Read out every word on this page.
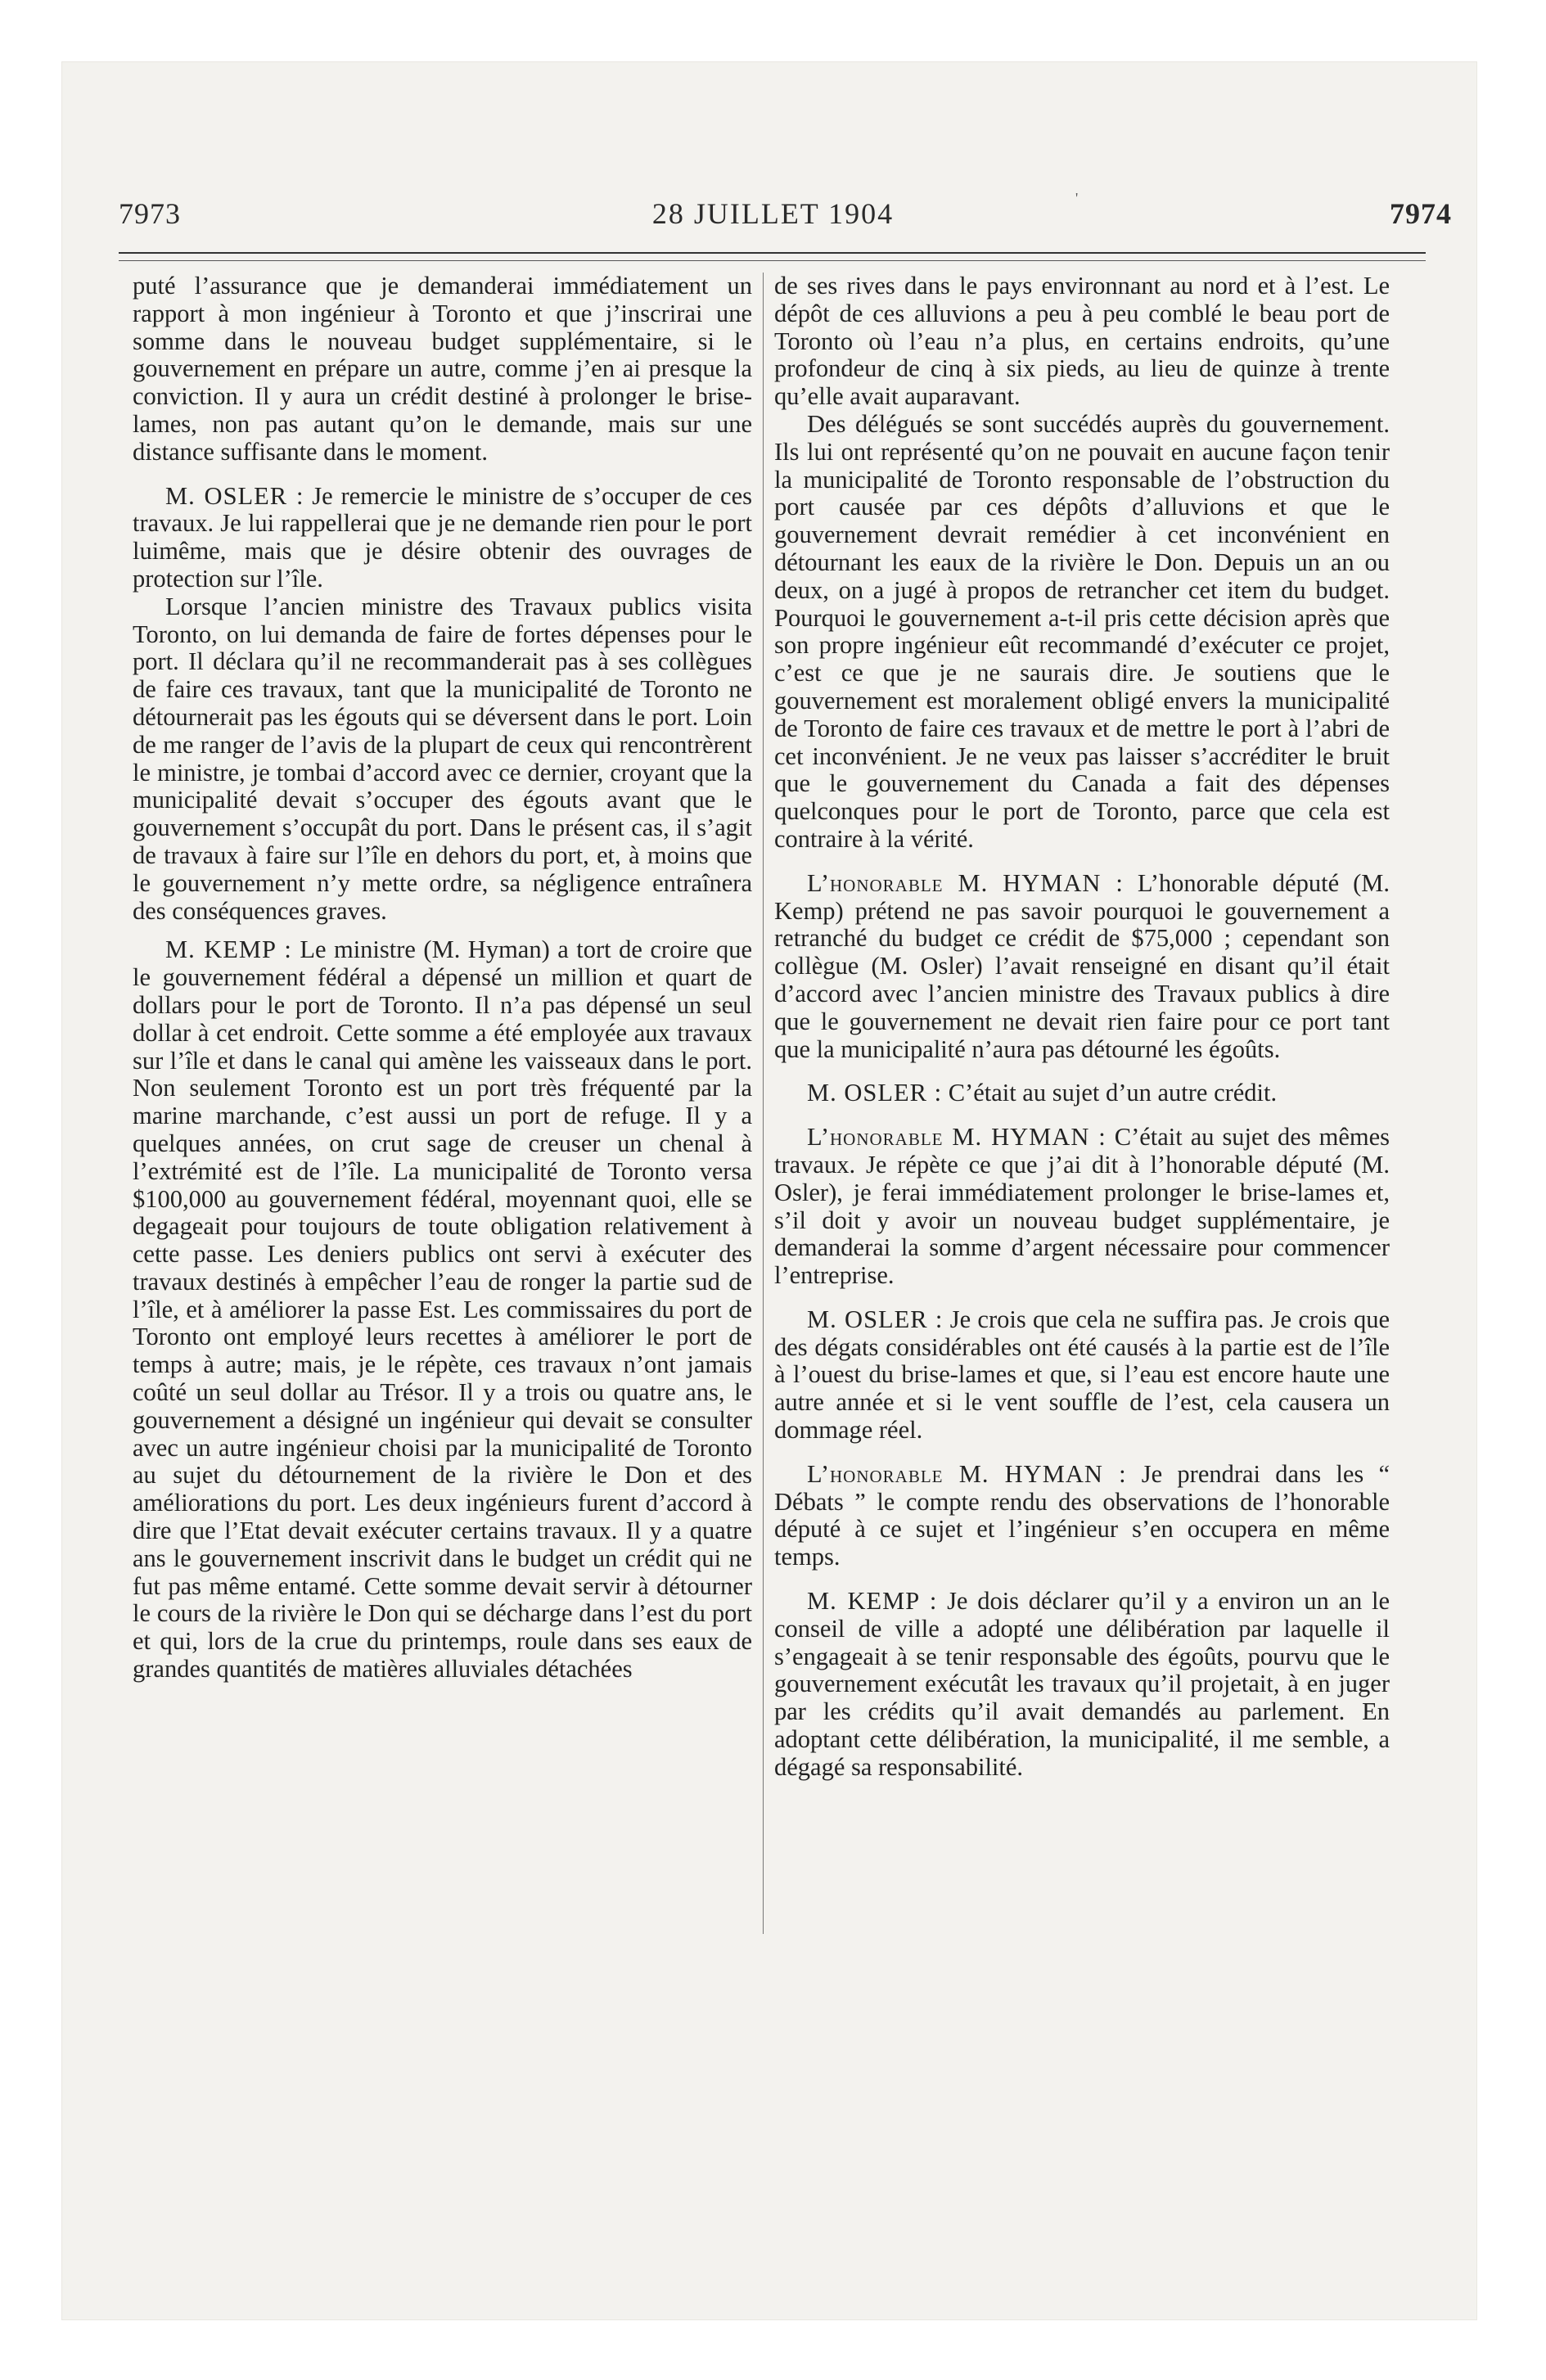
7973	28 JUILLET 1904	7974
'

puté l’assurance que je demanderai immédiatement un rapport à mon ingénieur à Toronto et que j’inscrirai une somme dans le nouveau budget supplémentaire, si le gouvernement en prépare un autre, comme j’en ai presque la conviction. Il y aura un crédit destiné à prolonger le brise-lames, non pas autant qu’on le demande, mais sur une distance suffisante dans le moment.

M. OSLER : Je remercie le ministre de s’occuper de ces travaux. Je lui rappellerai que je ne demande rien pour le port luimême, mais que je désire obtenir des ouvrages de protection sur l’île.

Lorsque l’ancien ministre des Travaux publics visita Toronto, on lui demanda de faire de fortes dépenses pour le port. Il déclara qu’il ne recommanderait pas à ses collègues de faire ces travaux, tant que la municipalité de Toronto ne détournerait pas les égouts qui se déversent dans le port. Loin de me ranger de l’avis de la plupart de ceux qui rencontrèrent le ministre, je tombai d’accord avec ce dernier, croyant que la municipalité devait s’occuper des égouts avant que le gouvernement s’occupât du port. Dans le présent cas, il s’agit de travaux à faire sur l’île en dehors du port, et, à moins que le gouvernement n’y mette ordre, sa négligence entraînera des conséquences graves.

M. KEMP : Le ministre (M. Hyman) a tort de croire que le gouvernement fédéral a dépensé un million et quart de dollars pour le port de Toronto. Il n’a pas dépensé un seul dollar à cet endroit. Cette somme a été employée aux travaux sur l’île et dans le canal qui amène les vaisseaux dans le port. Non seulement Toronto est un port très fréquenté par la marine marchande, c’est aussi un port de refuge. Il y a quelques années, on crut sage de creuser un chenal à l’extrémité est de l’île. La municipalité de Toronto versa $100,000 au gouvernement fédéral, moyennant quoi, elle se degageait pour toujours de toute obligation relativement à cette passe. Les deniers publics ont servi à exécuter des travaux destinés à empêcher l’eau de ronger la partie sud de l’île, et à améliorer la passe Est. Les commissaires du port de Toronto ont employé leurs recettes à améliorer le port de temps à autre; mais, je le répète, ces travaux n’ont jamais coûté un seul dollar au Trésor. Il y a trois ou quatre ans, le gouvernement a désigné un ingénieur qui devait se consulter avec un autre ingénieur choisi par la municipalité de Toronto au sujet du détournement de la rivière le Don et des améliorations du port. Les deux ingénieurs furent d’accord à dire que l’Etat devait exécuter certains travaux. Il y a quatre ans le gouvernement inscrivit dans le budget un crédit qui ne fut pas même entamé. Cette somme devait servir à détourner le cours de la rivière le Don qui se décharge dans l’est du port et qui, lors de la crue du printemps, roule dans ses eaux de grandes quantités de matières alluviales détachées

de ses rives dans le pays environnant au nord et à l’est. Le dépôt de ces alluvions a peu à peu comblé le beau port de Toronto où l’eau n’a plus, en certains endroits, qu’une profondeur de cinq à six pieds, au lieu de quinze à trente qu’elle avait auparavant.

Des délégués se sont succédés auprès du gouvernement. Ils lui ont représenté qu’on ne pouvait en aucune façon tenir la municipalité de Toronto responsable de l’obstruction du port causée par ces dépôts d’alluvions et que le gouvernement devrait remédier à cet inconvénient en détournant les eaux de la rivière le Don. Depuis un an ou deux, on a jugé à propos de retrancher cet item du budget. Pourquoi le gouvernement a-t-il pris cette décision après que son propre ingénieur eût recommandé d’exécuter ce projet, c’est ce que je ne saurais dire. Je soutiens que le gouvernement est moralement obligé envers la municipalité de Toronto de faire ces travaux et de mettre le port à l’abri de cet inconvénient. Je ne veux pas laisser s’accréditer le bruit que le gouvernement du Canada a fait des dépenses quelconques pour le port de Toronto, parce que cela est contraire à la vérité.

L’honorable M. HYMAN : L’honorable député (M. Kemp) prétend ne pas savoir pourquoi le gouvernement a retranché du budget ce crédit de $75,000 ; cependant son collègue (M. Osler) l’avait renseigné en disant qu’il était d’accord avec l’ancien ministre des Travaux publics à dire que le gouvernement ne devait rien faire pour ce port tant que la municipalité n’aura pas détourné les égoûts.

M. OSLER : C’était au sujet d’un autre crédit.

L’honorable M. HYMAN : C’était au sujet des mêmes travaux. Je répète ce que j’ai dit à l’honorable député (M. Osler), je ferai immédiatement prolonger le brise-lames et, s’il doit y avoir un nouveau budget supplémentaire, je demanderai la somme d’argent nécessaire pour commencer l’entreprise.

M. OSLER : Je crois que cela ne suffira pas. Je crois que des dégats considérables ont été causés à la partie est de l’île à l’ouest du brise-lames et que, si l’eau est encore haute une autre année et si le vent souffle de l’est, cela causera un dommage réel.

L’honorable M. HYMAN : Je prendrai dans les “ Débats ” le compte rendu des observations de l’honorable député à ce sujet et l’ingénieur s’en occupera en même temps.

M. KEMP : Je dois déclarer qu’il y a environ un an le conseil de ville a adopté une délibération par laquelle il s’engageait à se tenir responsable des égoûts, pourvu que le gouvernement exécutât les travaux qu’il projetait, à en juger par les crédits qu’il avait demandés au parlement. En adoptant cette délibération, la municipalité, il me semble, a dégagé sa responsabilité.
